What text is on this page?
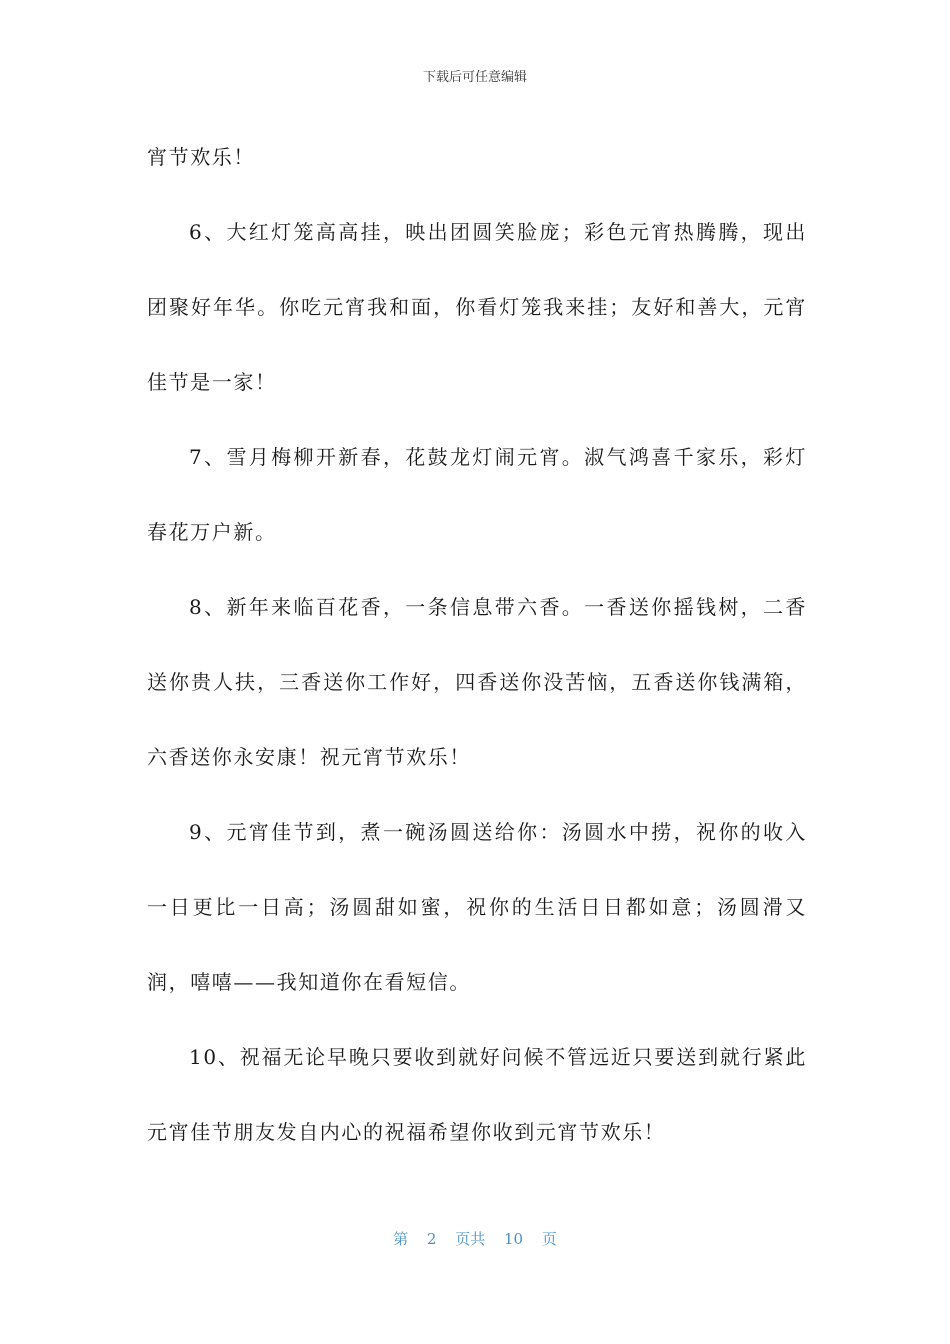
下载后可任意编辑

宵节欢乐！

6、大红灯笼高高挂，映出团圆笑脸庞；彩色元宵热腾腾，现出团聚好年华。你吃元宵我和面，你看灯笼我来挂；友好和善大，元宵佳节是一家！

7、雪月梅柳开新春，花鼓龙灯闹元宵。淑气鸿喜千家乐，彩灯春花万户新。

8、新年来临百花香，一条信息带六香。一香送你摇钱树，二香送你贵人扶，三香送你工作好，四香送你没苦恼，五香送你钱满箱，六香送你永安康！祝元宵节欢乐！

9、元宵佳节到，煮一碗汤圆送给你：汤圆水中捞，祝你的收入一日更比一日高；汤圆甜如蜜，祝你的生活日日都如意；汤圆滑又润，嘻嘻——我知道你在看短信。

10、祝福无论早晚只要收到就好问候不管远近只要送到就行紧此元宵佳节朋友发自内心的祝福希望你收到元宵节欢乐！

第 2 页共 10 页
